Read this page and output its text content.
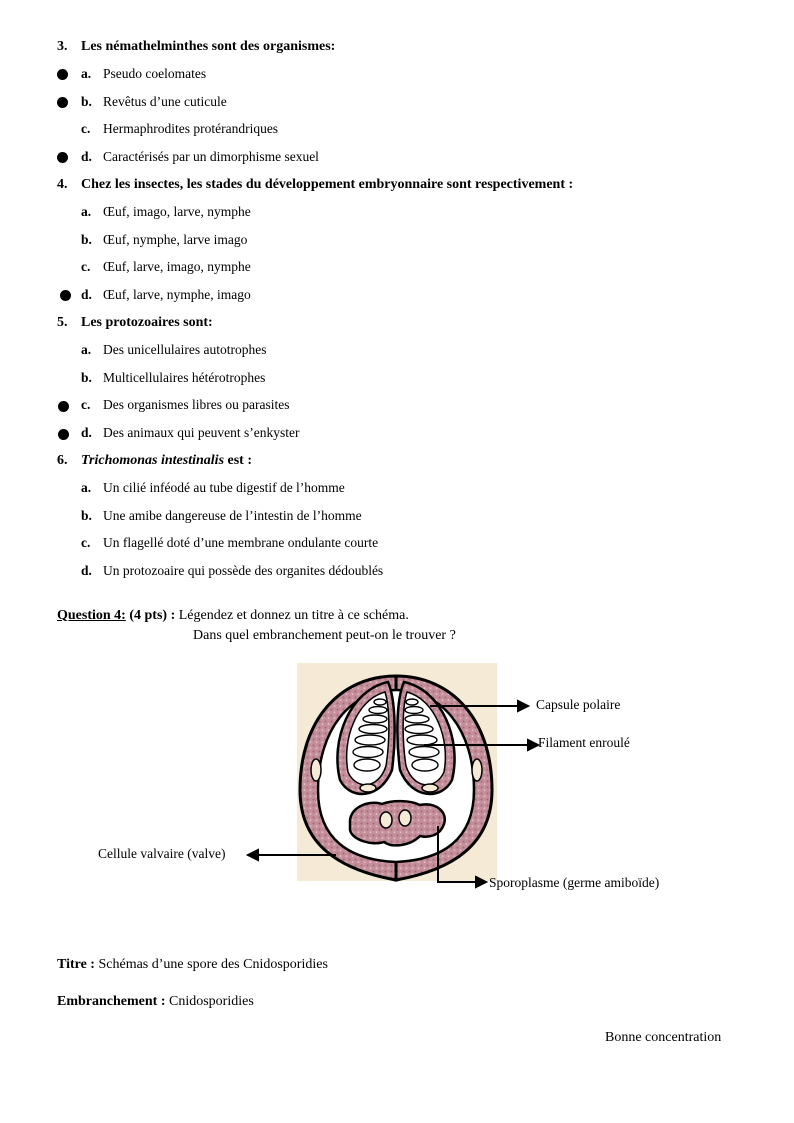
3. Les némathelminthes sont des organismes:
a. Pseudo coelomates
b. Revêtus d’une cuticule
c. Hermaphrodites protérandriques
d. Caractérisés par un dimorphisme sexuel
4. Chez les insectes, les stades du développement embryonnaire sont respectivement :
a. Œuf, imago, larve, nymphe
b. Œuf, nymphe, larve imago
c. Œuf, larve, imago, nymphe
d. Œuf, larve, nymphe, imago
5. Les protozoaires sont:
a. Des unicellulaires autotrophes
b. Multicellulaires hétérotrophes
c. Des organismes libres ou parasites
d. Des animaux qui peuvent s’enkyster
6. Trichomonas intestinalis est :
a. Un cilié inféodé au tube digestif de l’homme
b. Une amibe dangereuse de l’intestin de l’homme
c. Un flagellé doté d’une membrane ondulante courte
d. Un protozoaire qui possède des organites dédoublés
Question 4: (4 pts) : Légendez et donnez un titre à ce schéma.
Dans quel embranchement peut-on le trouver ?
Capsule polaire
Filament enroulé
Cellule valvaire (valve)
Sporoplasme (germe amiboïde)
Titre : Schémas d’une spore des Cnidosporidies
Embranchement : Cnidosporidies
Bonne concentration
